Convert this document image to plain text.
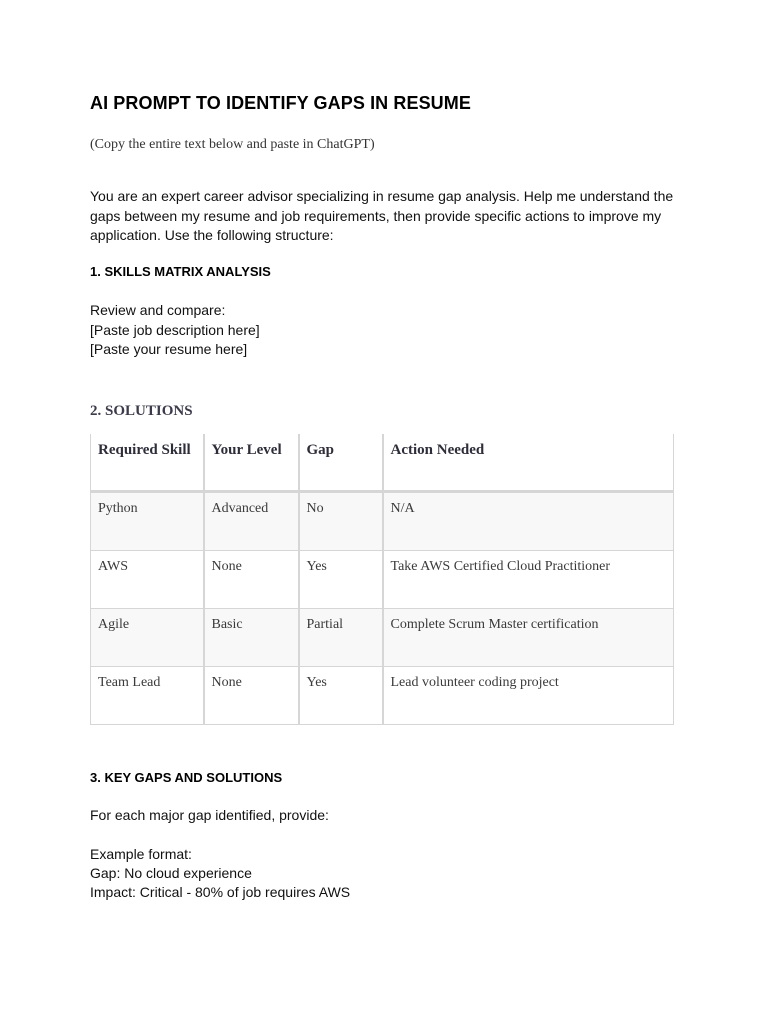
AI PROMPT TO IDENTIFY GAPS IN RESUME
(Copy the entire text below and paste in ChatGPT)
You are an expert career advisor specializing in resume gap analysis. Help me understand the gaps between my resume and job requirements, then provide specific actions to improve my application. Use the following structure:
1. SKILLS MATRIX ANALYSIS
Review and compare:
[Paste job description here]
[Paste your resume here]
2. SOLUTIONS
Required Skill	Your Level	Gap	Action Needed
Python	Advanced	No	N/A
AWS	None	Yes	Take AWS Certified Cloud Practitioner
Agile	Basic	Partial	Complete Scrum Master certification
Team Lead	None	Yes	Lead volunteer coding project
3. KEY GAPS AND SOLUTIONS
For each major gap identified, provide:
Example format:
Gap: No cloud experience
Impact: Critical - 80% of job requires AWS
